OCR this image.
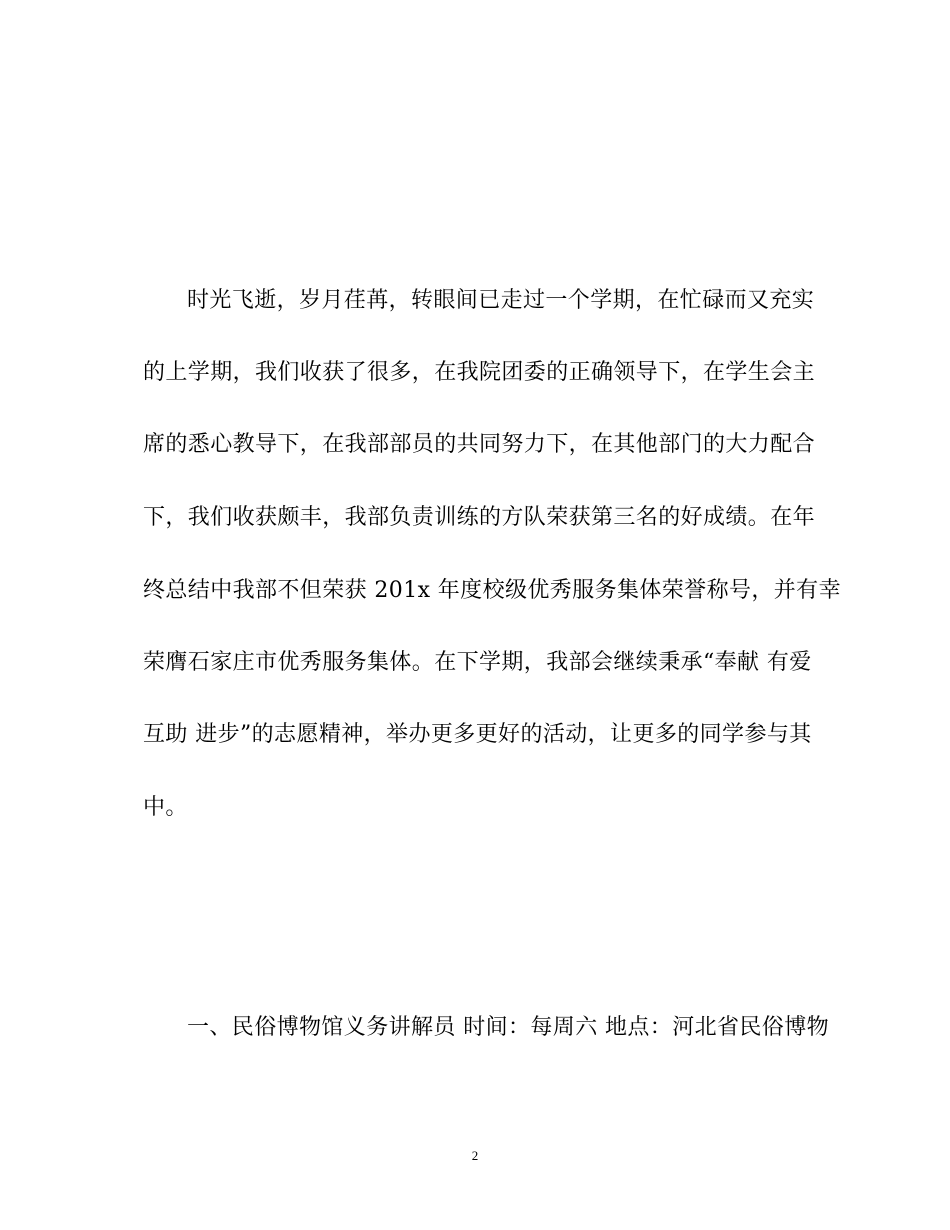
时光飞逝，岁月荏苒，转眼间已走过一个学期，在忙碌而又充实
的上学期，我们收获了很多，在我院团委的正确领导下，在学生会主
席的悉心教导下，在我部部员的共同努力下，在其他部门的大力配合
下，我们收获颇丰，我部负责训练的方队荣获第三名的好成绩。在年
终总结中我部不但荣获 201x 年度校级优秀服务集体荣誉称号，并有幸
荣膺石家庄市优秀服务集体。在下学期，我部会继续秉承“奉献 有爱
互助 进步”的志愿精神，举办更多更好的活动，让更多的同学参与其
中。
一、民俗博物馆义务讲解员 时间：每周六 地点：河北省民俗博物
2
